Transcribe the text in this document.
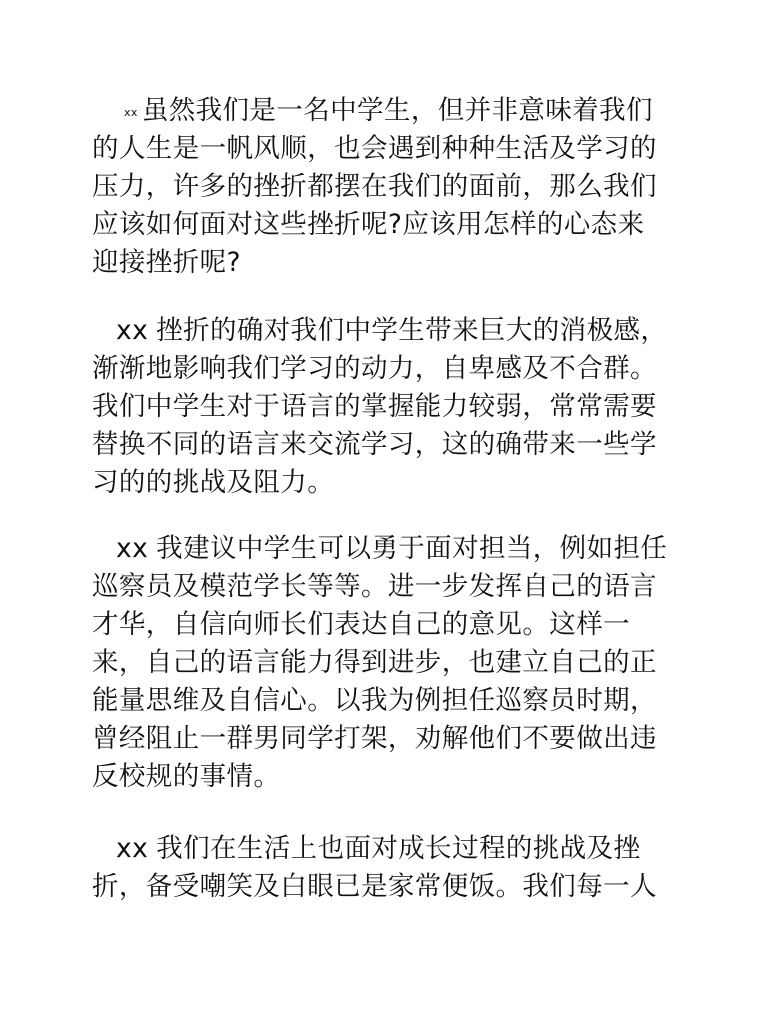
xx 虽然我们是一名中学生，但并非意味着我们
的人生是一帆风顺，也会遇到种种生活及学习的
压力，许多的挫折都摆在我们的面前，那么我们
应该如何面对这些挫折呢?应该用怎样的心态来
迎接挫折呢?

xx 挫折的确对我们中学生带来巨大的消极感，
渐渐地影响我们学习的动力，自卑感及不合群。
我们中学生对于语言的掌握能力较弱，常常需要
替换不同的语言来交流学习，这的确带来一些学
习的的挑战及阻力。

xx 我建议中学生可以勇于面对担当，例如担任
巡察员及模范学长等等。进一步发挥自己的语言
才华，自信向师长们表达自己的意见。这样一
来，自己的语言能力得到进步，也建立自己的正
能量思维及自信心。以我为例担任巡察员时期，
曾经阻止一群男同学打架，劝解他们不要做出违
反校规的事情。

xx 我们在生活上也面对成长过程的挑战及挫
折，备受嘲笑及白眼已是家常便饭。我们每一人
